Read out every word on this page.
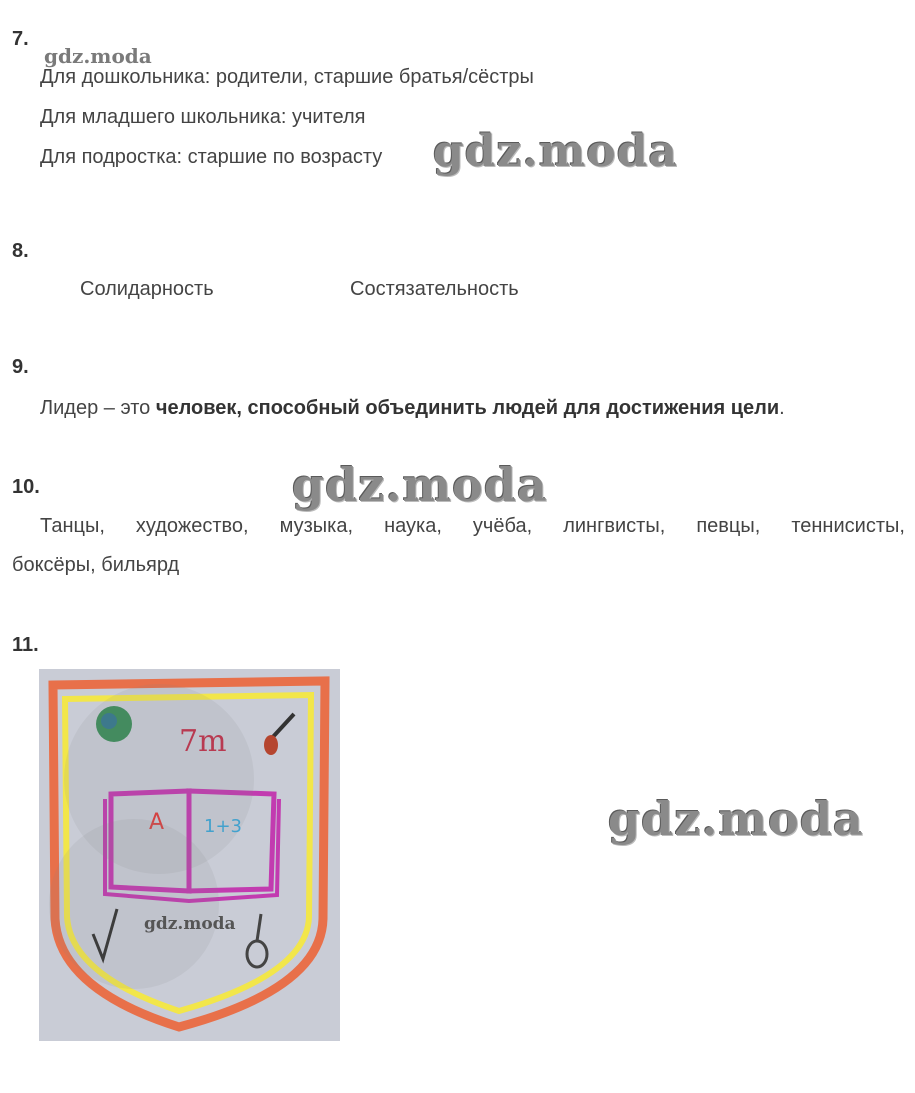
7.
gdz.moda
Для дошкольника: родители, старшие братья/сёстры
Для младшего школьника: учителя
Для подростка: старшие по возрасту gdz.moda
8.
Солидарность	Состязательность
9.
Лидер – это человек, способный объединить людей для достижения цели.
10.	gdz.moda
Танцы, художество, музыка, наука, учёба, лингвисты, певцы, теннисисты,
боксёры, бильярд
11.
7m
А 1+3
gdz.moda
gdz.moda
